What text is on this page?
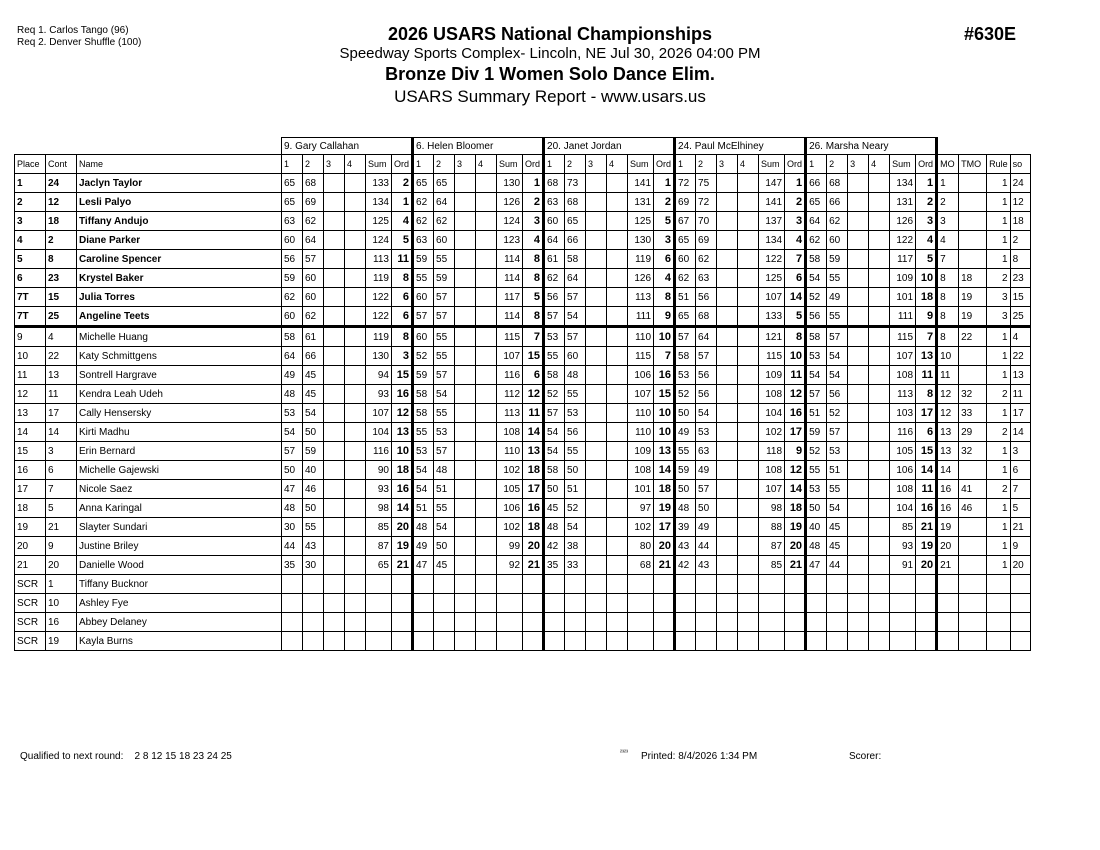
Req 1. Carlos Tango (96)
Req 2. Denver Shuffle (100)	2026 USARS National Championships
Speedway Sports Complex- Lincoln, NE Jul 30, 2026 04:00 PM
Bronze Div 1 Women Solo Dance Elim.
USARS Summary Report - www.usars.us
#630E
			9. Gary Callahan						6. Helen Bloomer						20. Janet Jordan						24. Paul McElhiney						26. Marsha Neary									
Place	Cont	Name	1	2	3	4	Sum	Ord	1	2	3	4	Sum	Ord	1	2	3	4	Sum	Ord	1	2	3	4	Sum	Ord	1	2	3	4	Sum	Ord	MO	TMO	Rule	so
1	24	Jaclyn Taylor	65	68			133	2	65	65			130	1	68	73			141	1	72	75			147	1	66	68			134	1	1		1	24
2	12	Lesli Palyo	65	69			134	1	62	64			126	2	63	68			131	2	69	72			141	2	65	66			131	2	2		1	12
3	18	Tiffany Andujo	63	62			125	4	62	62			124	3	60	65			125	5	67	70			137	3	64	62			126	3	3		1	18
4	2	Diane Parker	60	64			124	5	63	60			123	4	64	66			130	3	65	69			134	4	62	60			122	4	4		1	2
5	8	Caroline Spencer	56	57			113	11	59	55			114	8	61	58			119	6	60	62			122	7	58	59			117	5	7		1	8
6	23	Krystel Baker	59	60			119	8	55	59			114	8	62	64			126	4	62	63			125	6	54	55			109	10	8	18	2	23
7T	15	Julia Torres	62	60			122	6	60	57			117	5	56	57			113	8	51	56			107	14	52	49			101	18	8	19	3	15
7T	25	Angeline Teets	60	62			122	6	57	57			114	8	57	54			111	9	65	68			133	5	56	55			111	9	8	19	3	25
9	4	Michelle Huang	58	61			119	8	60	55			115	7	53	57			110	10	57	64			121	8	58	57			115	7	8	22	1	4
10	22	Katy Schmittgens	64	66			130	3	52	55			107	15	55	60			115	7	58	57			115	10	53	54			107	13	10		1	22
11	13	Sontrell Hargrave	49	45			94	15	59	57			116	6	58	48			106	16	53	56			109	11	54	54			108	11	11		1	13
12	11	Kendra Leah Udeh	48	45			93	16	58	54			112	12	52	55			107	15	52	56			108	12	57	56			113	8	12	32	2	11
13	17	Cally Hensersky	53	54			107	12	58	55			113	11	57	53			110	10	50	54			104	16	51	52			103	17	12	33	1	17
14	14	Kirti Madhu	54	50			104	13	55	53			108	14	54	56			110	10	49	53			102	17	59	57			116	6	13	29	2	14
15	3	Erin Bernard	57	59			116	10	53	57			110	13	54	55			109	13	55	63			118	9	52	53			105	15	13	32	1	3
16	6	Michelle Gajewski	50	40			90	18	54	48			102	18	58	50			108	14	59	49			108	12	55	51			106	14	14		1	6
17	7	Nicole Saez	47	46			93	16	54	51			105	17	50	51			101	18	50	57			107	14	53	55			108	11	16	41	2	7
18	5	Anna Karingal	48	50			98	14	51	55			106	16	45	52			97	19	48	50			98	18	50	54			104	16	16	46	1	5
19	21	Slayter Sundari	30	55			85	20	48	54			102	18	48	54			102	17	39	49			88	19	40	45			85	21	19		1	21
20	9	Justine Briley	44	43			87	19	49	50			99	20	42	38			80	20	43	44			87	20	48	45			93	19	20		1	9
21	20	Danielle Wood	35	30			65	21	47	45			92	21	35	33			68	21	42	43			85	21	47	44			91	20	21		1	20
SCR	1	Tiffany Bucknor																																		
SCR	10	Ashley Fye																																		
SCR	16	Abbey Delaney																																		
SCR	19	Kayla Burns																																		
Qualified to next round: 2 8 12 15 18 23 24 25	²³²³ Printed: 8/4/2026 1:34 PM	Scorer:
